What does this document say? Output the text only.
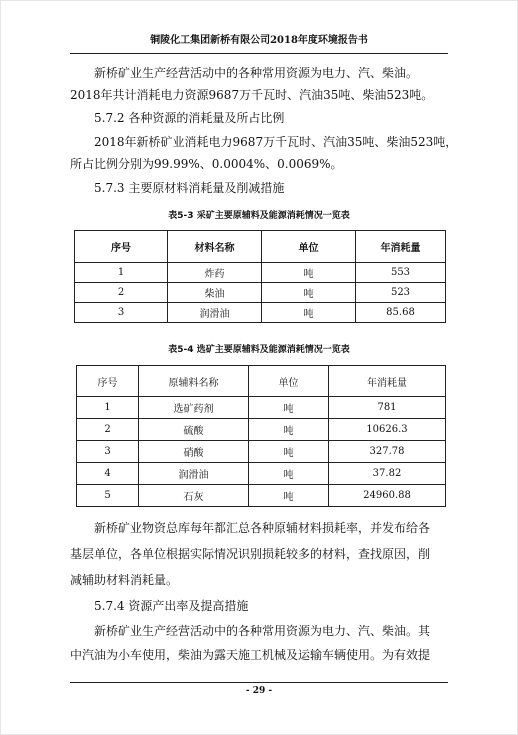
铜陵化工集团新桥有限公司2018年度环境报告书
新桥矿业生产经营活动中的各种常用资源为电力、汽、柴油。
2018年共计消耗电力资源9687万千瓦时、汽油35吨、柴油523吨。
5.7.2 各种资源的消耗量及所占比例
2018年新桥矿业消耗电力9687万千瓦时、汽油35吨、柴油523吨，
所占比例分别为99.99%、0.0004%、0.0069%。
5.7.3 主要原材料消耗量及削减措施
表5-3 采矿主要原辅料及能源消耗情况一览表
序号	材料名称	单位	年消耗量
1	炸药	吨	553
2	柴油	吨	523
3	润滑油	吨	85.68
表5-4 选矿主要原辅料及能源消耗情况一览表
序号	原辅料名称	单位	年消耗量
1	选矿药剂	吨	781
2	硫酸	吨	10626.3
3	硝酸	吨	327.78
4	润滑油	吨	37.82
5	石灰	吨	24960.88
新桥矿业物资总库每年都汇总各种原辅材料损耗率，并发布给各
基层单位，各单位根据实际情况识别损耗较多的材料，查找原因，削
减辅助材料消耗量。
5.7.4 资源产出率及提高措施
新桥矿业生产经营活动中的各种常用资源为电力、汽、柴油。其
中汽油为小车使用，柴油为露天施工机械及运输车辆使用。为有效提
- 29 -
